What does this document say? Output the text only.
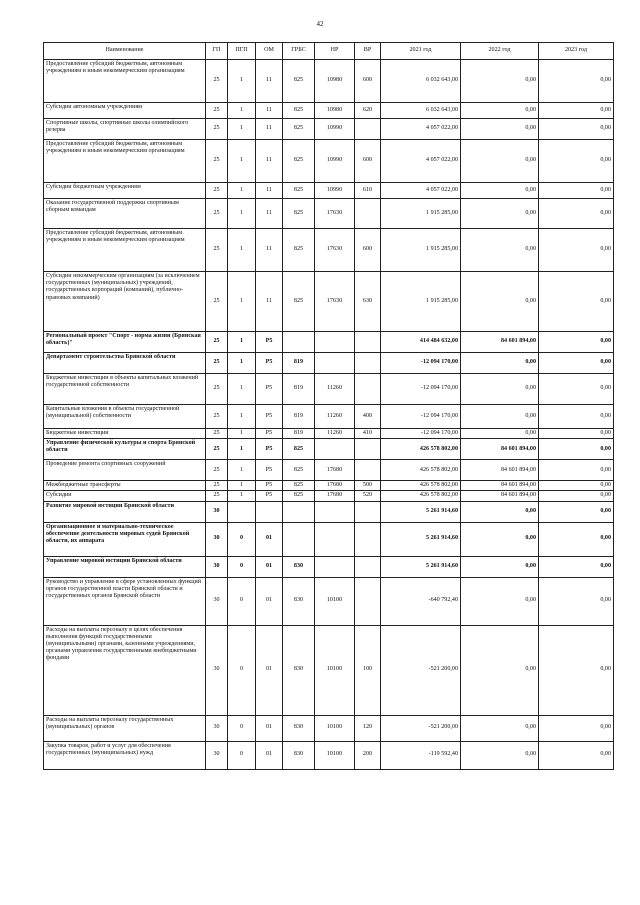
42
Наименование	ГП	ПГП	ОМ	ГРБС	НР	ВР	2021 год	2022 год	2023 год
Предоставление субсидий бюджетным, автономным учреждениям и иным некоммерческим организациям	25	1	11	825	10980	600	6 032 643,00	0,00	0,00
Субсидии автономным учреждениям	25	1	11	825	10980	620	6 032 643,00	0,00	0,00
Спортивные школы, спортивные школы олимпийского резерва	25	1	11	825	10990		4 057 022,00	0,00	0,00
Предоставление субсидий бюджетным, автономным учреждениям и иным некоммерческим организациям	25	1	11	825	10990	600	4 057 022,00	0,00	0,00
Субсидии бюджетным учреждениям	25	1	11	825	10990	610	4 057 022,00	0,00	0,00
Оказание государственной поддержки спортивным сборным командам	25	1	11	825	17630		1 915 285,00	0,00	0,00
Предоставление субсидий бюджетным, автономным учреждениям и иным некоммерческим организациям	25	1	11	825	17630	600	1 915 285,00	0,00	0,00
Субсидии некоммерческим организациям (за исключением государственных (муниципальных) учреждений, государственных корпораций (компаний), публично-правовых компаний)	25	1	11	825	17630	630	1 915 285,00	0,00	0,00
Региональный проект "Спорт - норма жизни (Брянская область)"	25	1	P5				414 484 632,00	84 601 894,00	0,00
Департамент строительства Брянской области	25	1	P5	819			-12 094 170,00	0,00	0,00
Бюджетные инвестиции в объекты капитальных вложений государственной собственности	25	1	P5	819	11260		-12 094 170,00	0,00	0,00
Капитальные вложения в объекты государственной (муниципальной) собственности	25	1	P5	819	11260	400	-12 094 170,00	0,00	0,00
Бюджетные инвестиции	25	1	P5	819	11260	410	-12 094 170,00	0,00	0,00
Управление физической культуры и спорта Брянской области	25	1	P5	825			426 578 802,00	84 601 894,00	0,00
Проведение ремонта спортивных сооружений	25	1	P5	825	17680		426 578 802,00	84 601 894,00	0,00
Межбюджетные трансферты	25	1	P5	825	17680	500	426 578 802,00	84 601 894,00	0,00
Субсидии	25	1	P5	825	17680	520	426 578 802,00	84 601 894,00	0,00
Развитие мировой юстиции Брянской области	30						5 261 914,60	0,00	0,00
Организационное и материально-техническое обеспечение деятельности мировых судей Брянской области, их аппарата	30	0	01				5 261 914,60	0,00	0,00
Управление мировой юстиции Брянской области	30	0	01	830			5 261 914,60	0,00	0,00
Руководство и управление в сфере установленных функций органов государственной власти Брянской области и государственных органов Брянской области	30	0	01	830	10100		-640 792,40	0,00	0,00
Расходы на выплаты персоналу в целях обеспечения выполнения функций государственными (муниципальными) органами, казенными учреждениями, органами управления государственными внебюджетными фондами	30	0	01	830	10100	100	-521 200,00	0,00	0,00
Расходы на выплаты персоналу государственных (муниципальных) органов	30	0	01	830	10100	120	-521 200,00	0,00	0,00
Закупка товаров, работ и услуг для обеспечения государственных (муниципальных) нужд	30	0	01	830	10100	200	-119 592,40	0,00	0,00
